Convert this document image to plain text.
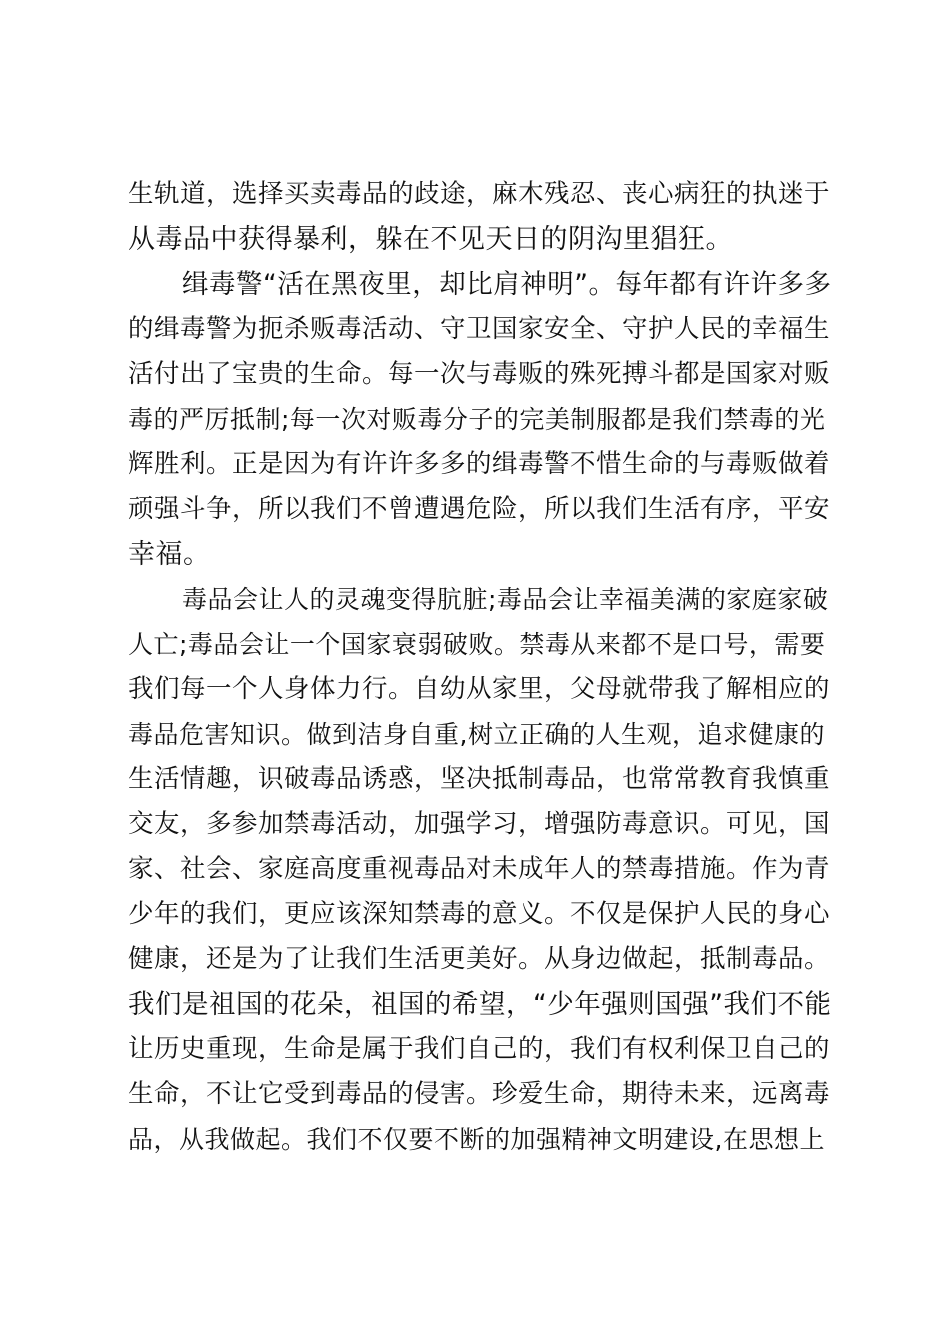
生轨道，选择买卖毒品的歧途，麻木残忍、丧心病狂的执迷于
从毒品中获得暴利，躲在不见天日的阴沟里猖狂。
缉毒警“活在黑夜里，却比肩神明”。每年都有许许多多
的缉毒警为扼杀贩毒活动、守卫国家安全、守护人民的幸福生
活付出了宝贵的生命。每一次与毒贩的殊死搏斗都是国家对贩
毒的严厉抵制;每一次对贩毒分子的完美制服都是我们禁毒的光
辉胜利。正是因为有许许多多的缉毒警不惜生命的与毒贩做着
顽强斗争，所以我们不曾遭遇危险，所以我们生活有序，平安
幸福。
毒品会让人的灵魂变得肮脏;毒品会让幸福美满的家庭家破
人亡;毒品会让一个国家衰弱破败。禁毒从来都不是口号，需要
我们每一个人身体力行。自幼从家里，父母就带我了解相应的
毒品危害知识。做到洁身自重,树立正确的人生观，追求健康的
生活情趣，识破毒品诱惑，坚决抵制毒品，也常常教育我慎重
交友，多参加禁毒活动，加强学习，增强防毒意识。可见，国
家、社会、家庭高度重视毒品对未成年人的禁毒措施。作为青
少年的我们，更应该深知禁毒的意义。不仅是保护人民的身心
健康，还是为了让我们生活更美好。从身边做起，抵制毒品。
我们是祖国的花朵，祖国的希望，“少年强则国强”我们不能
让历史重现，生命是属于我们自己的，我们有权利保卫自己的
生命，不让它受到毒品的侵害。珍爱生命，期待未来，远离毒
品，从我做起。我们不仅要不断的加强精神文明建设,在思想上
